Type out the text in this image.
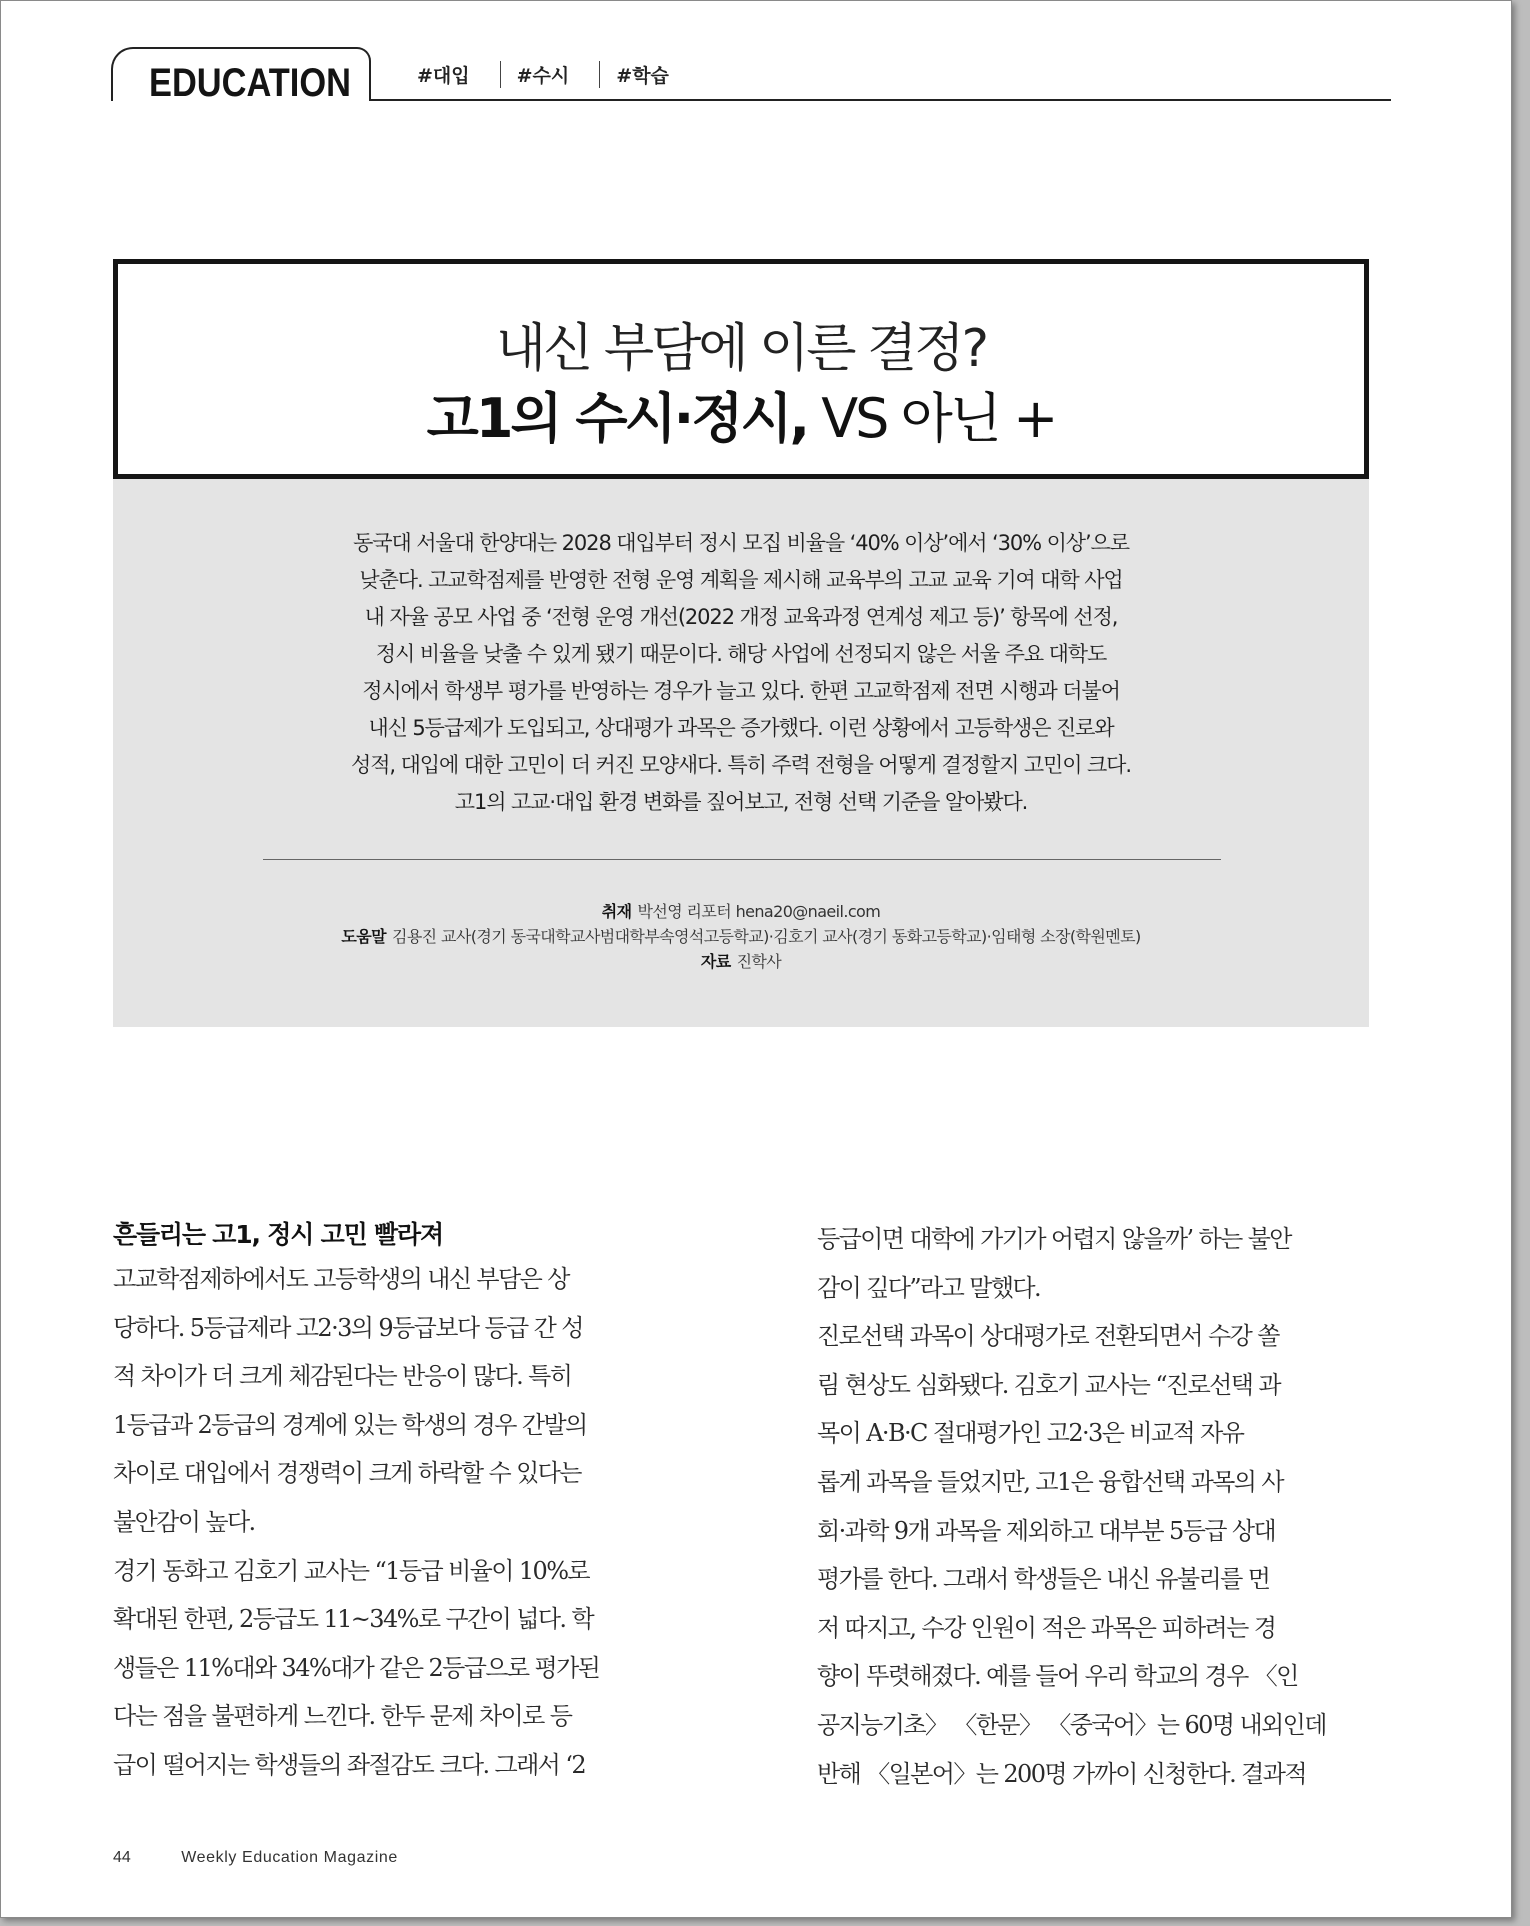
EDUCATION	#대입	#수시	#학습
내신 부담에 이른 결정?
고1의 수시·정시, VS 아닌 +
동국대 서울대 한양대는 2028 대입부터 정시 모집 비율을 ‘40% 이상’에서 ‘30% 이상’으로
낮춘다. 고교학점제를 반영한 전형 운영 계획을 제시해 교육부의 고교 교육 기여 대학 사업
내 자율 공모 사업 중 ‘전형 운영 개선(2022 개정 교육과정 연계성 제고 등)’ 항목에 선정,
정시 비율을 낮출 수 있게 됐기 때문이다. 해당 사업에 선정되지 않은 서울 주요 대학도
정시에서 학생부 평가를 반영하는 경우가 늘고 있다. 한편 고교학점제 전면 시행과 더불어
내신 5등급제가 도입되고, 상대평가 과목은 증가했다. 이런 상황에서 고등학생은 진로와
성적, 대입에 대한 고민이 더 커진 모양새다. 특히 주력 전형을 어떻게 결정할지 고민이 크다.
고1의 고교·대입 환경 변화를 짚어보고, 전형 선택 기준을 알아봤다.
취재 박선영 리포터 hena20@naeil.com
도움말 김용진 교사(경기 동국대학교사범대학부속영석고등학교)·김호기 교사(경기 동화고등학교)·임태형 소장(학원멘토)
자료 진학사
흔들리는 고1, 정시 고민 빨라져
고교학점제하에서도 고등학생의 내신 부담은 상
당하다. 5등급제라 고2·3의 9등급보다 등급 간 성
적 차이가 더 크게 체감된다는 반응이 많다. 특히
1등급과 2등급의 경계에 있는 학생의 경우 간발의
차이로 대입에서 경쟁력이 크게 하락할 수 있다는
불안감이 높다.
경기 동화고 김호기 교사는 “1등급 비율이 10%로
확대된 한편, 2등급도 11~34%로 구간이 넓다. 학
생들은 11%대와 34%대가 같은 2등급으로 평가된
다는 점을 불편하게 느낀다. 한두 문제 차이로 등
급이 떨어지는 학생들의 좌절감도 크다. 그래서 ‘2
등급이면 대학에 가기가 어렵지 않을까’ 하는 불안
감이 깊다”라고 말했다.
진로선택 과목이 상대평가로 전환되면서 수강 쏠
림 현상도 심화됐다. 김호기 교사는 “진로선택 과
목이 A·B·C 절대평가인 고2·3은 비교적 자유
롭게 과목을 들었지만, 고1은 융합선택 과목의 사
회·과학 9개 과목을 제외하고 대부분 5등급 상대
평가를 한다. 그래서 학생들은 내신 유불리를 먼
저 따지고, 수강 인원이 적은 과목은 피하려는 경
향이 뚜렷해졌다. 예를 들어 우리 학교의 경우 〈인
공지능기초〉 〈한문〉 〈중국어〉는 60명 내외인데
반해 〈일본어〉는 200명 가까이 신청한다. 결과적
44	Weekly Education Magazine
